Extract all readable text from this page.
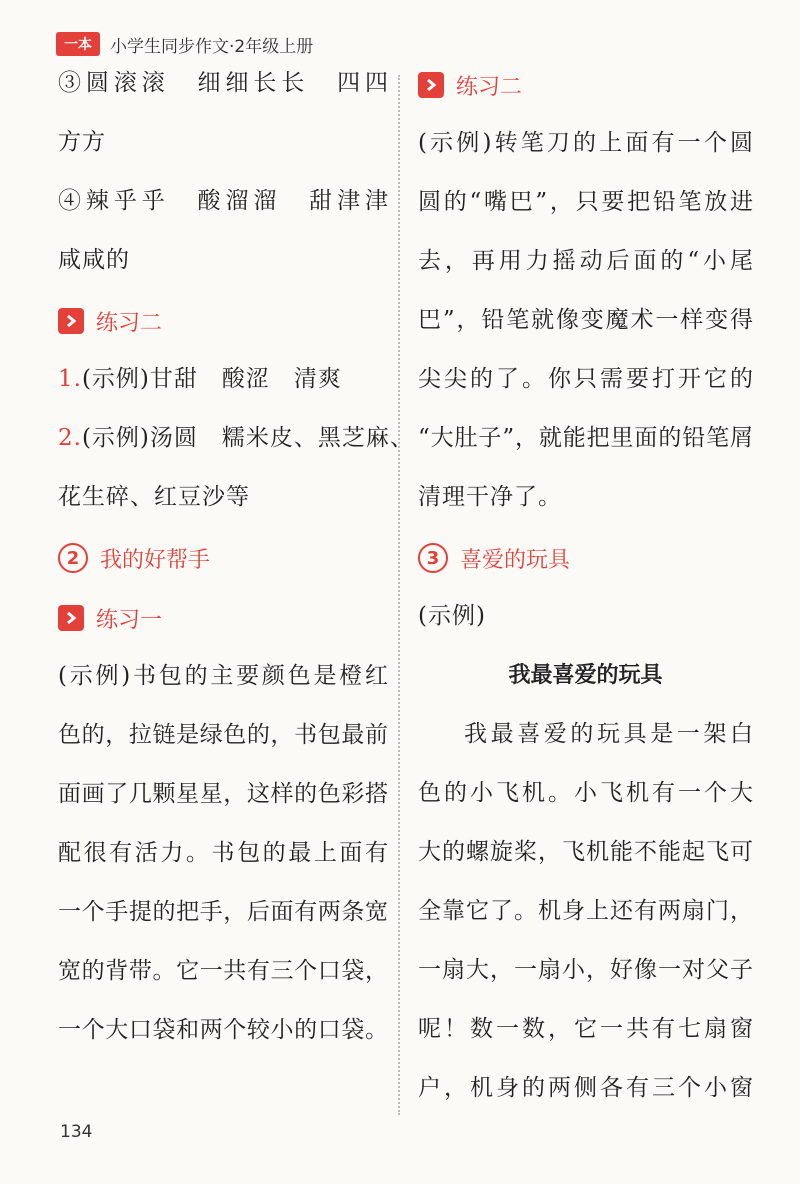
一本	小学生同步作文·2年级上册
③圆滚滚　细细长长　四四
方方
④辣乎乎　酸溜溜　甜津津
咸咸的
练习二
1.(示例)甘甜　酸涩　清爽
2.(示例)汤圆　糯米皮、黑芝麻、
花生碎、红豆沙等
2 我的好帮手
练习一
(示例)书包的主要颜色是橙红
色的，拉链是绿色的，书包最前
面画了几颗星星，这样的色彩搭
配很有活力。书包的最上面有
一个手提的把手，后面有两条宽
宽的背带。它一共有三个口袋，
一个大口袋和两个较小的口袋。
练习二
(示例)转笔刀的上面有一个圆
圆的“嘴巴”，只要把铅笔放进
去，再用力摇动后面的“小尾
巴”，铅笔就像变魔术一样变得
尖尖的了。你只需要打开它的
“大肚子”，就能把里面的铅笔屑
清理干净了。
3 喜爱的玩具
(示例)
我最喜爱的玩具
我最喜爱的玩具是一架白
色的小飞机。小飞机有一个大
大的螺旋桨，飞机能不能起飞可
全靠它了。机身上还有两扇门，
一扇大，一扇小，好像一对父子
呢！数一数，它一共有七扇窗
户，机身的两侧各有三个小窗
134
